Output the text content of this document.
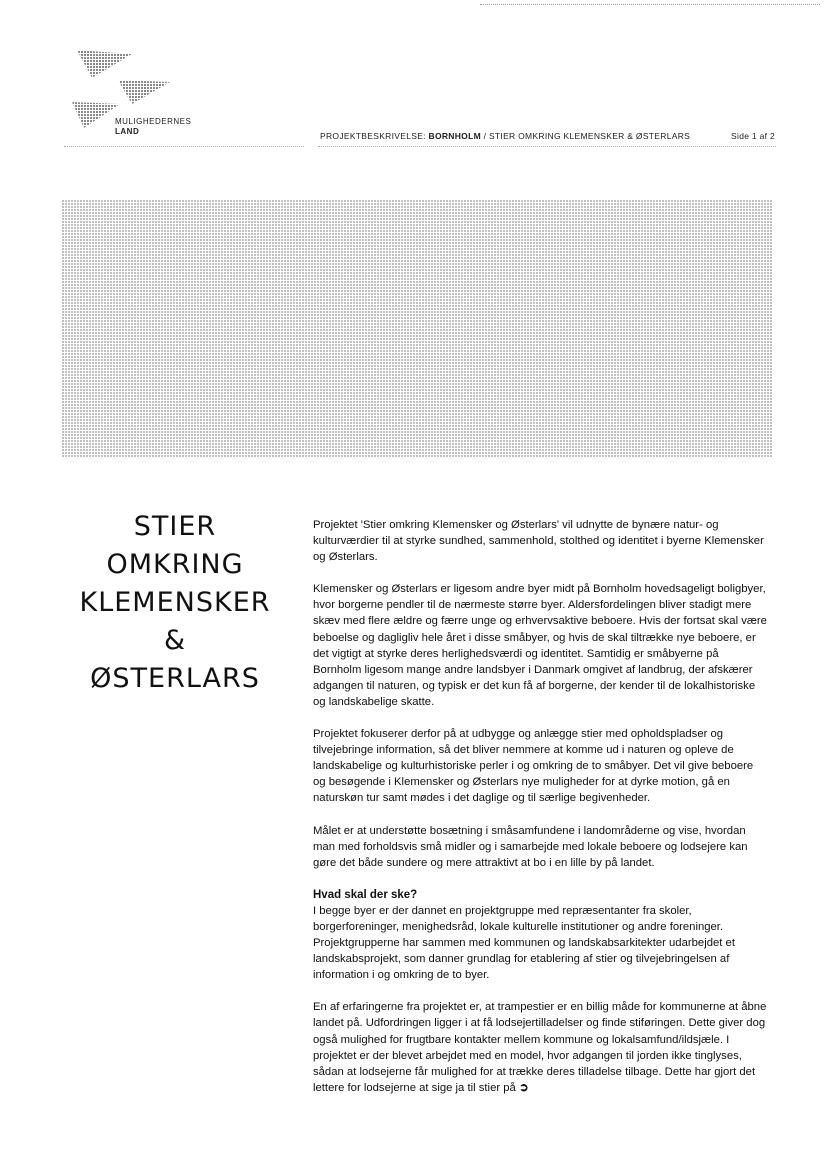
MULIGHEDERNES
LAND	PROJEKTBESKRIVELSE: BORNHOLM / STIER OMKRING KLEMENSKER & ØSTERLARS	Side 1 af 2
STIER
OMKRING
KLEMENSKER
&
ØSTERLARS

Projektet 'Stier omkring Klemensker og Østerlars' vil udnytte de bynære natur- og kulturværdier til at styrke sundhed, sammenhold, stolthed og identitet i byerne Klemensker og Østerlars.

Klemensker og Østerlars er ligesom andre byer midt på Bornholm hovedsageligt boligbyer, hvor borgerne pendler til de nærmeste større byer. Aldersfordelingen bliver stadigt mere skæv med flere ældre og færre unge og erhvervsaktive beboere. Hvis der fortsat skal være beboelse og dagligliv hele året i disse småbyer, og hvis de skal tiltrække nye beboere, er det vigtigt at styrke deres herlighedsværdi og identitet. Samtidig er småbyerne på Bornholm ligesom mange andre landsbyer i Danmark omgivet af landbrug, der afskærer adgangen til naturen, og typisk er det kun få af borgerne, der kender til de lokalhistoriske og landskabelige skatte.

Projektet fokuserer derfor på at udbygge og anlægge stier med opholdspladser og tilvejebringe information, så det bliver nemmere at komme ud i naturen og opleve de landskabelige og kulturhistoriske perler i og omkring de to småbyer. Det vil give beboere og besøgende i Klemensker og Østerlars nye muligheder for at dyrke motion, gå en naturskøn tur samt mødes i det daglige og til særlige begivenheder.

Målet er at understøtte bosætning i småsamfundene i landområderne og vise, hvordan man med forholdsvis små midler og i samarbejde med lokale beboere og lodsejere kan gøre det både sundere og mere attraktivt at bo i en lille by på landet.

Hvad skal der ske?

I begge byer er der dannet en projektgruppe med repræsentanter fra skoler, borgerforeninger, menighedsråd, lokale kulturelle institutioner og andre foreninger. Projektgrupperne har sammen med kommunen og landskabsarkitekter udarbejdet et landskabsprojekt, som danner grundlag for etablering af stier og tilvejebringelsen af information i og omkring de to byer.

En af erfaringerne fra projektet er, at trampestier er en billig måde for kommunerne at åbne landet på. Udfordringen ligger i at få lodsejertilladelser og finde stiføringen. Dette giver dog også mulighed for frugtbare kontakter mellem kommune og lokalsamfund/ildsjæle. I projektet er der blevet arbejdet med en model, hvor adgangen til jorden ikke tinglyses, sådan at lodsejerne får mulighed for at trække deres tilladelse tilbage. Dette har gjort det lettere for lodsejerne at sige ja til stier på ➲
